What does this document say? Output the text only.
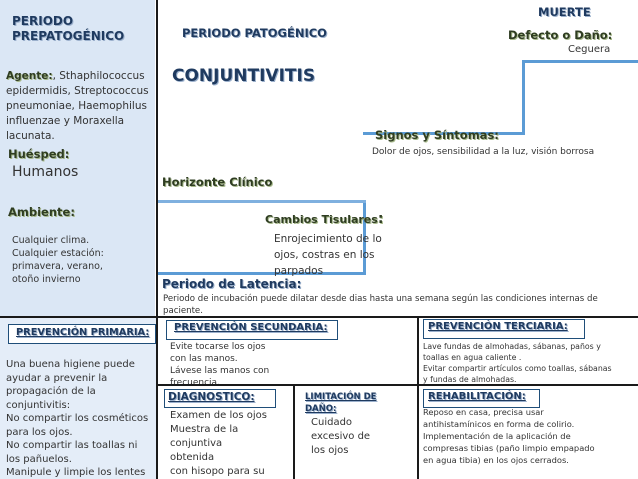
PERIODO
PREPATOGÉNICO
Agente:, Sthaphilococcus
epidermidis, Streptococcus
pneumoniae, Haemophilus
influenzae y Moraxella
lacunata.
Huésped:
Humanos
Ambiente:
Cualquier clima.
Cualquier estación:
primavera, verano,
otoño invierno
PERIODO PATOGÉNICO
CONJUNTIVITIS
MUERTE
Defecto o Daño:
Ceguera
Signos y Síntomas:
Dolor de ojos, sensibilidad a la luz, visión borrosa
Horizonte Clínico
Cambios Tisulares:
Enrojecimiento de lo
ojos, costras en los
parpados
Periodo de Latencia:
Periodo de incubación puede dilatar desde dias hasta una semana según las condiciones internas de
paciente.
PREVENCIÓN PRIMARIA:
Una buena higiene puede
ayudar a prevenir la
propagación de la
conjuntivitis:
No compartir los cosméticos
para los ojos.
No compartir las toallas ni
los pañuelos.
Manipule y limpie los lentes
PREVENCIÓN SECUNDARIA:
Evite tocarse los ojos
con las manos.
Lávese las manos con
frecuencia.
PREVENCIÓN TERCIARIA:
Lave fundas de almohadas, sábanas, paños y
toallas en agua caliente .
Evitar compartir artículos como toallas, sábanas
y fundas de almohadas.
DIAGNOSTICO:
Examen de los ojos
Muestra de la
conjuntiva
obtenida
con hisopo para su
LIMITACIÓN DE
DAÑO:
Cuidado
excesivo de
los ojos
REHABILITACIÓN:
Reposo en casa, precisa usar
antihistamínicos en forma de colirio.
Implementación de la aplicación de
compresas tibias (paño limpio empapado
en agua tibia) en los ojos cerrados.
